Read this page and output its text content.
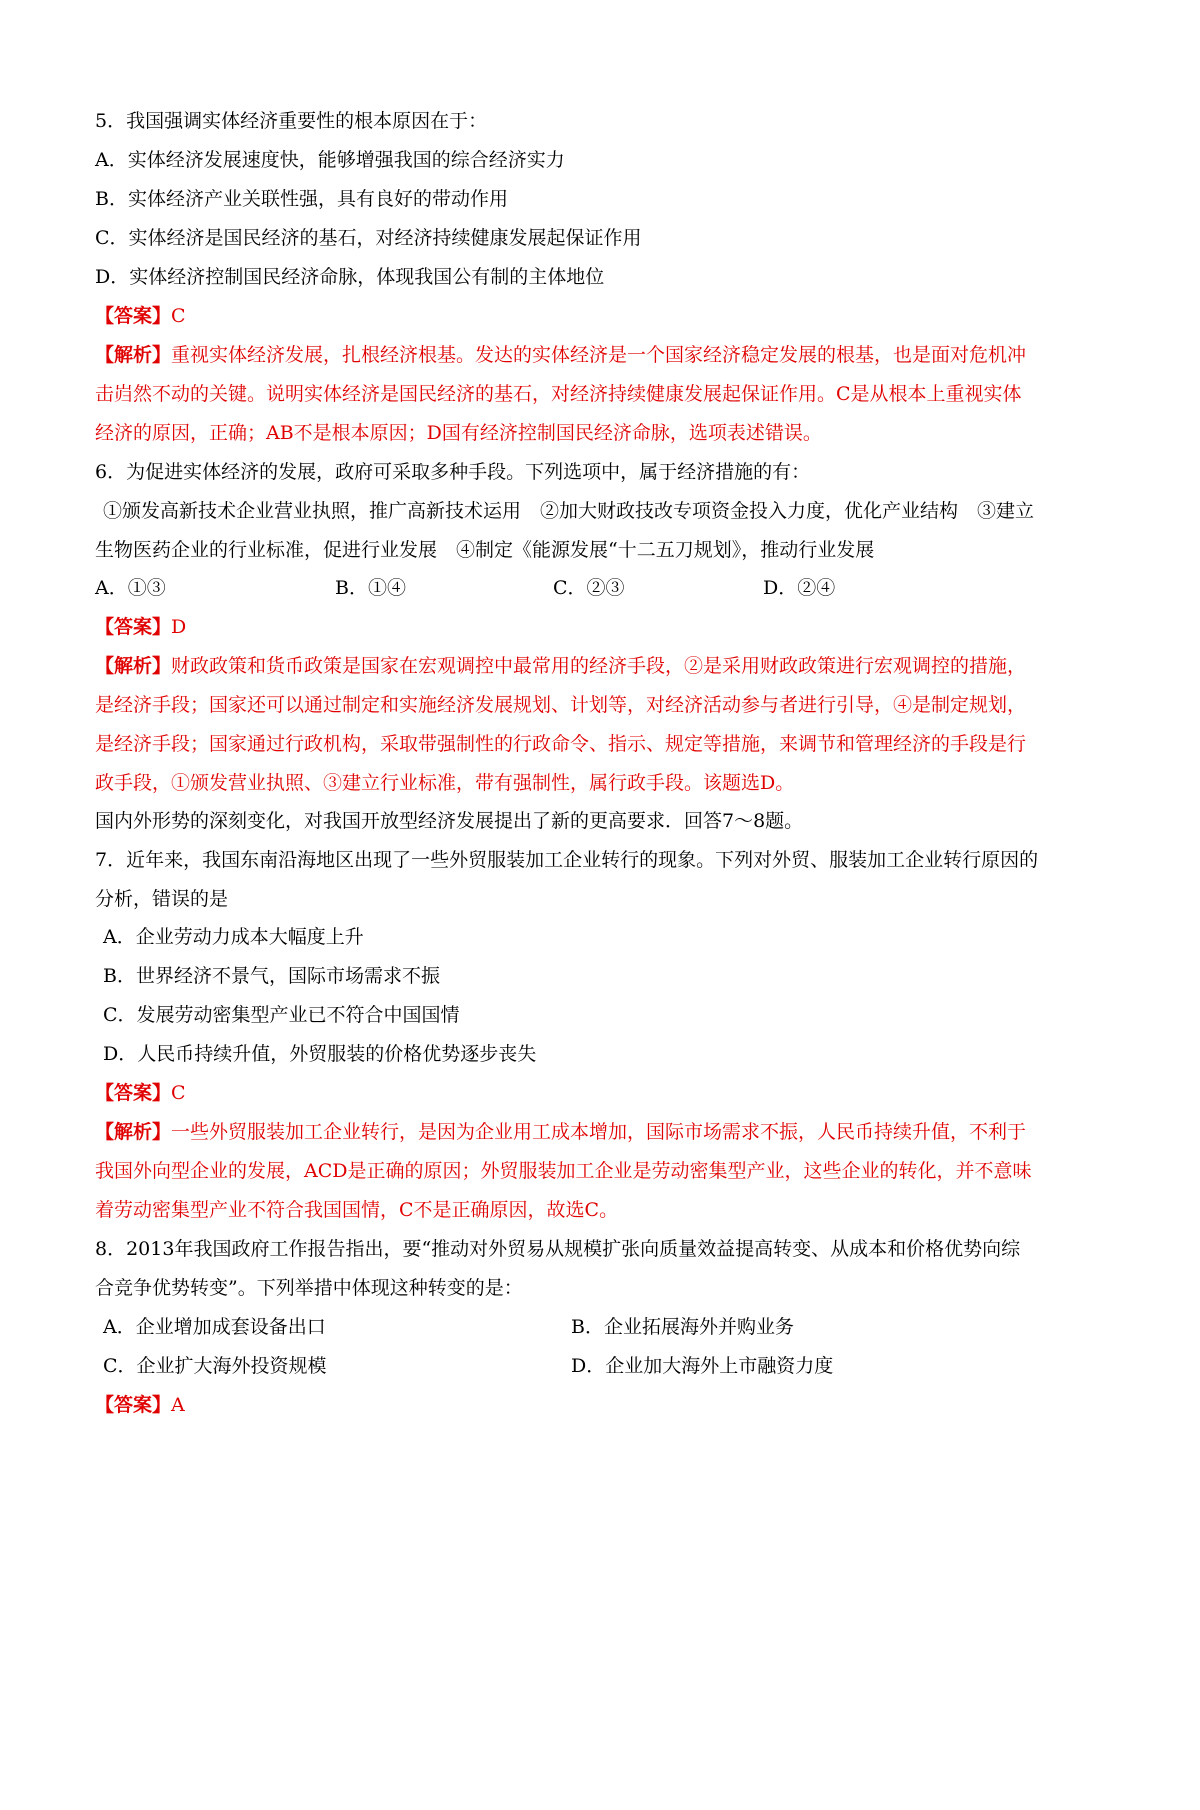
5．我国强调实体经济重要性的根本原因在于：
A．实体经济发展速度快，能够增强我国的综合经济实力
B．实体经济产业关联性强，具有良好的带动作用
C．实体经济是国民经济的基石，对经济持续健康发展起保证作用
D．实体经济控制国民经济命脉，体现我国公有制的主体地位
【答案】C
【解析】重视实体经济发展，扎根经济根基。发达的实体经济是一个国家经济稳定发展的根基，也是面对危机冲
击岿然不动的关键。说明实体经济是国民经济的基石，对经济持续健康发展起保证作用。C是从根本上重视实体
经济的原因，正确；AB不是根本原因；D国有经济控制国民经济命脉，选项表述错误。
6．为促进实体经济的发展，政府可采取多种手段。下列选项中，属于经济措施的有：
①颁发高新技术企业营业执照，推广高新技术运用　②加大财政技改专项资金投入力度，优化产业结构　③建立
生物医药企业的行业标准，促进行业发展　④制定《能源发展“十二五刀规划》，推动行业发展
A．①③	B．①④	C．②③	D．②④
【答案】D
【解析】财政政策和货币政策是国家在宏观调控中最常用的经济手段，②是采用财政政策进行宏观调控的措施，
是经济手段；国家还可以通过制定和实施经济发展规划、计划等，对经济活动参与者进行引导，④是制定规划，
是经济手段；国家通过行政机构，采取带强制性的行政命令、指示、规定等措施，来调节和管理经济的手段是行
政手段，①颁发营业执照、③建立行业标准，带有强制性，属行政手段。该题选D。
国内外形势的深刻变化，对我国开放型经济发展提出了新的更高要求．回答7～8题。
7．近年来，我国东南沿海地区出现了一些外贸服装加工企业转行的现象。下列对外贸、服装加工企业转行原因的
分析，错误的是
A．企业劳动力成本大幅度上升
B．世界经济不景气，国际市场需求不振
C．发展劳动密集型产业已不符合中国国情
D．人民币持续升值，外贸服装的价格优势逐步丧失
【答案】C
【解析】一些外贸服装加工企业转行，是因为企业用工成本增加，国际市场需求不振，人民币持续升值，不利于
我国外向型企业的发展，ACD是正确的原因；外贸服装加工企业是劳动密集型产业，这些企业的转化，并不意味
着劳动密集型产业不符合我国国情，C不是正确原因，故选C。
8．2013年我国政府工作报告指出，要“推动对外贸易从规模扩张向质量效益提高转变、从成本和价格优势向综
合竞争优势转变”。下列举措中体现这种转变的是：
A．企业增加成套设备出口	B．企业拓展海外并购业务
C．企业扩大海外投资规模	D．企业加大海外上市融资力度
【答案】A
